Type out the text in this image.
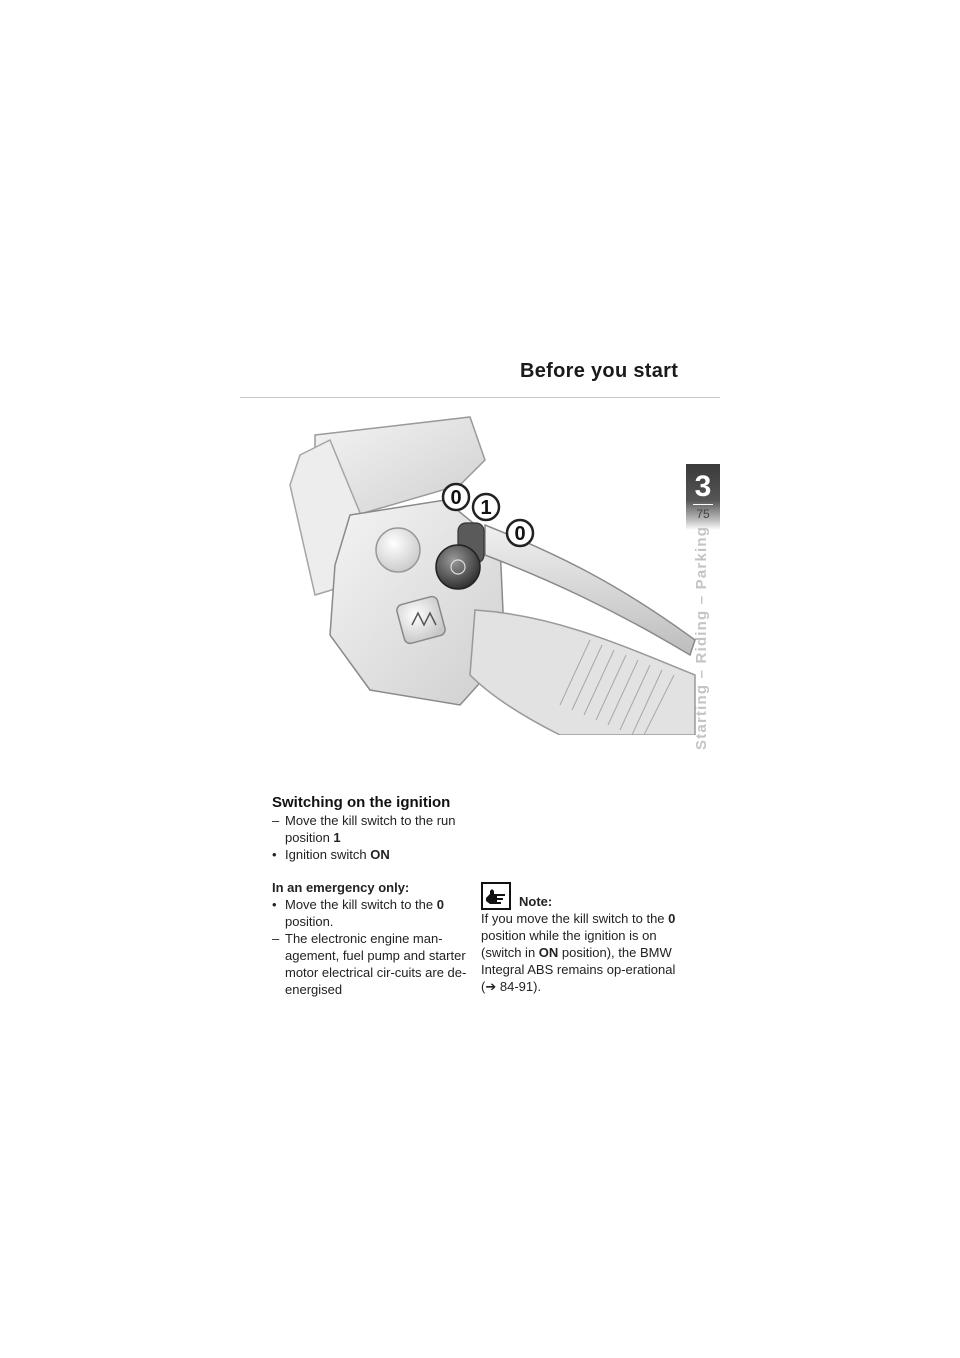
Before you start
3
75
Starting – Riding – Parking
0 1
0
Switching on the ignition
– Move the kill switch to the run position 1
• Ignition switch ON
In an emergency only:
• Move the kill switch to the 0 position.
– The electronic engine man-agement, fuel pump and starter motor electrical cir-cuits are de-energised
Note:
If you move the kill switch to the 0 position while the ignition is on (switch in ON position), the BMW Integral ABS remains op-erational (➔ 84-91).
